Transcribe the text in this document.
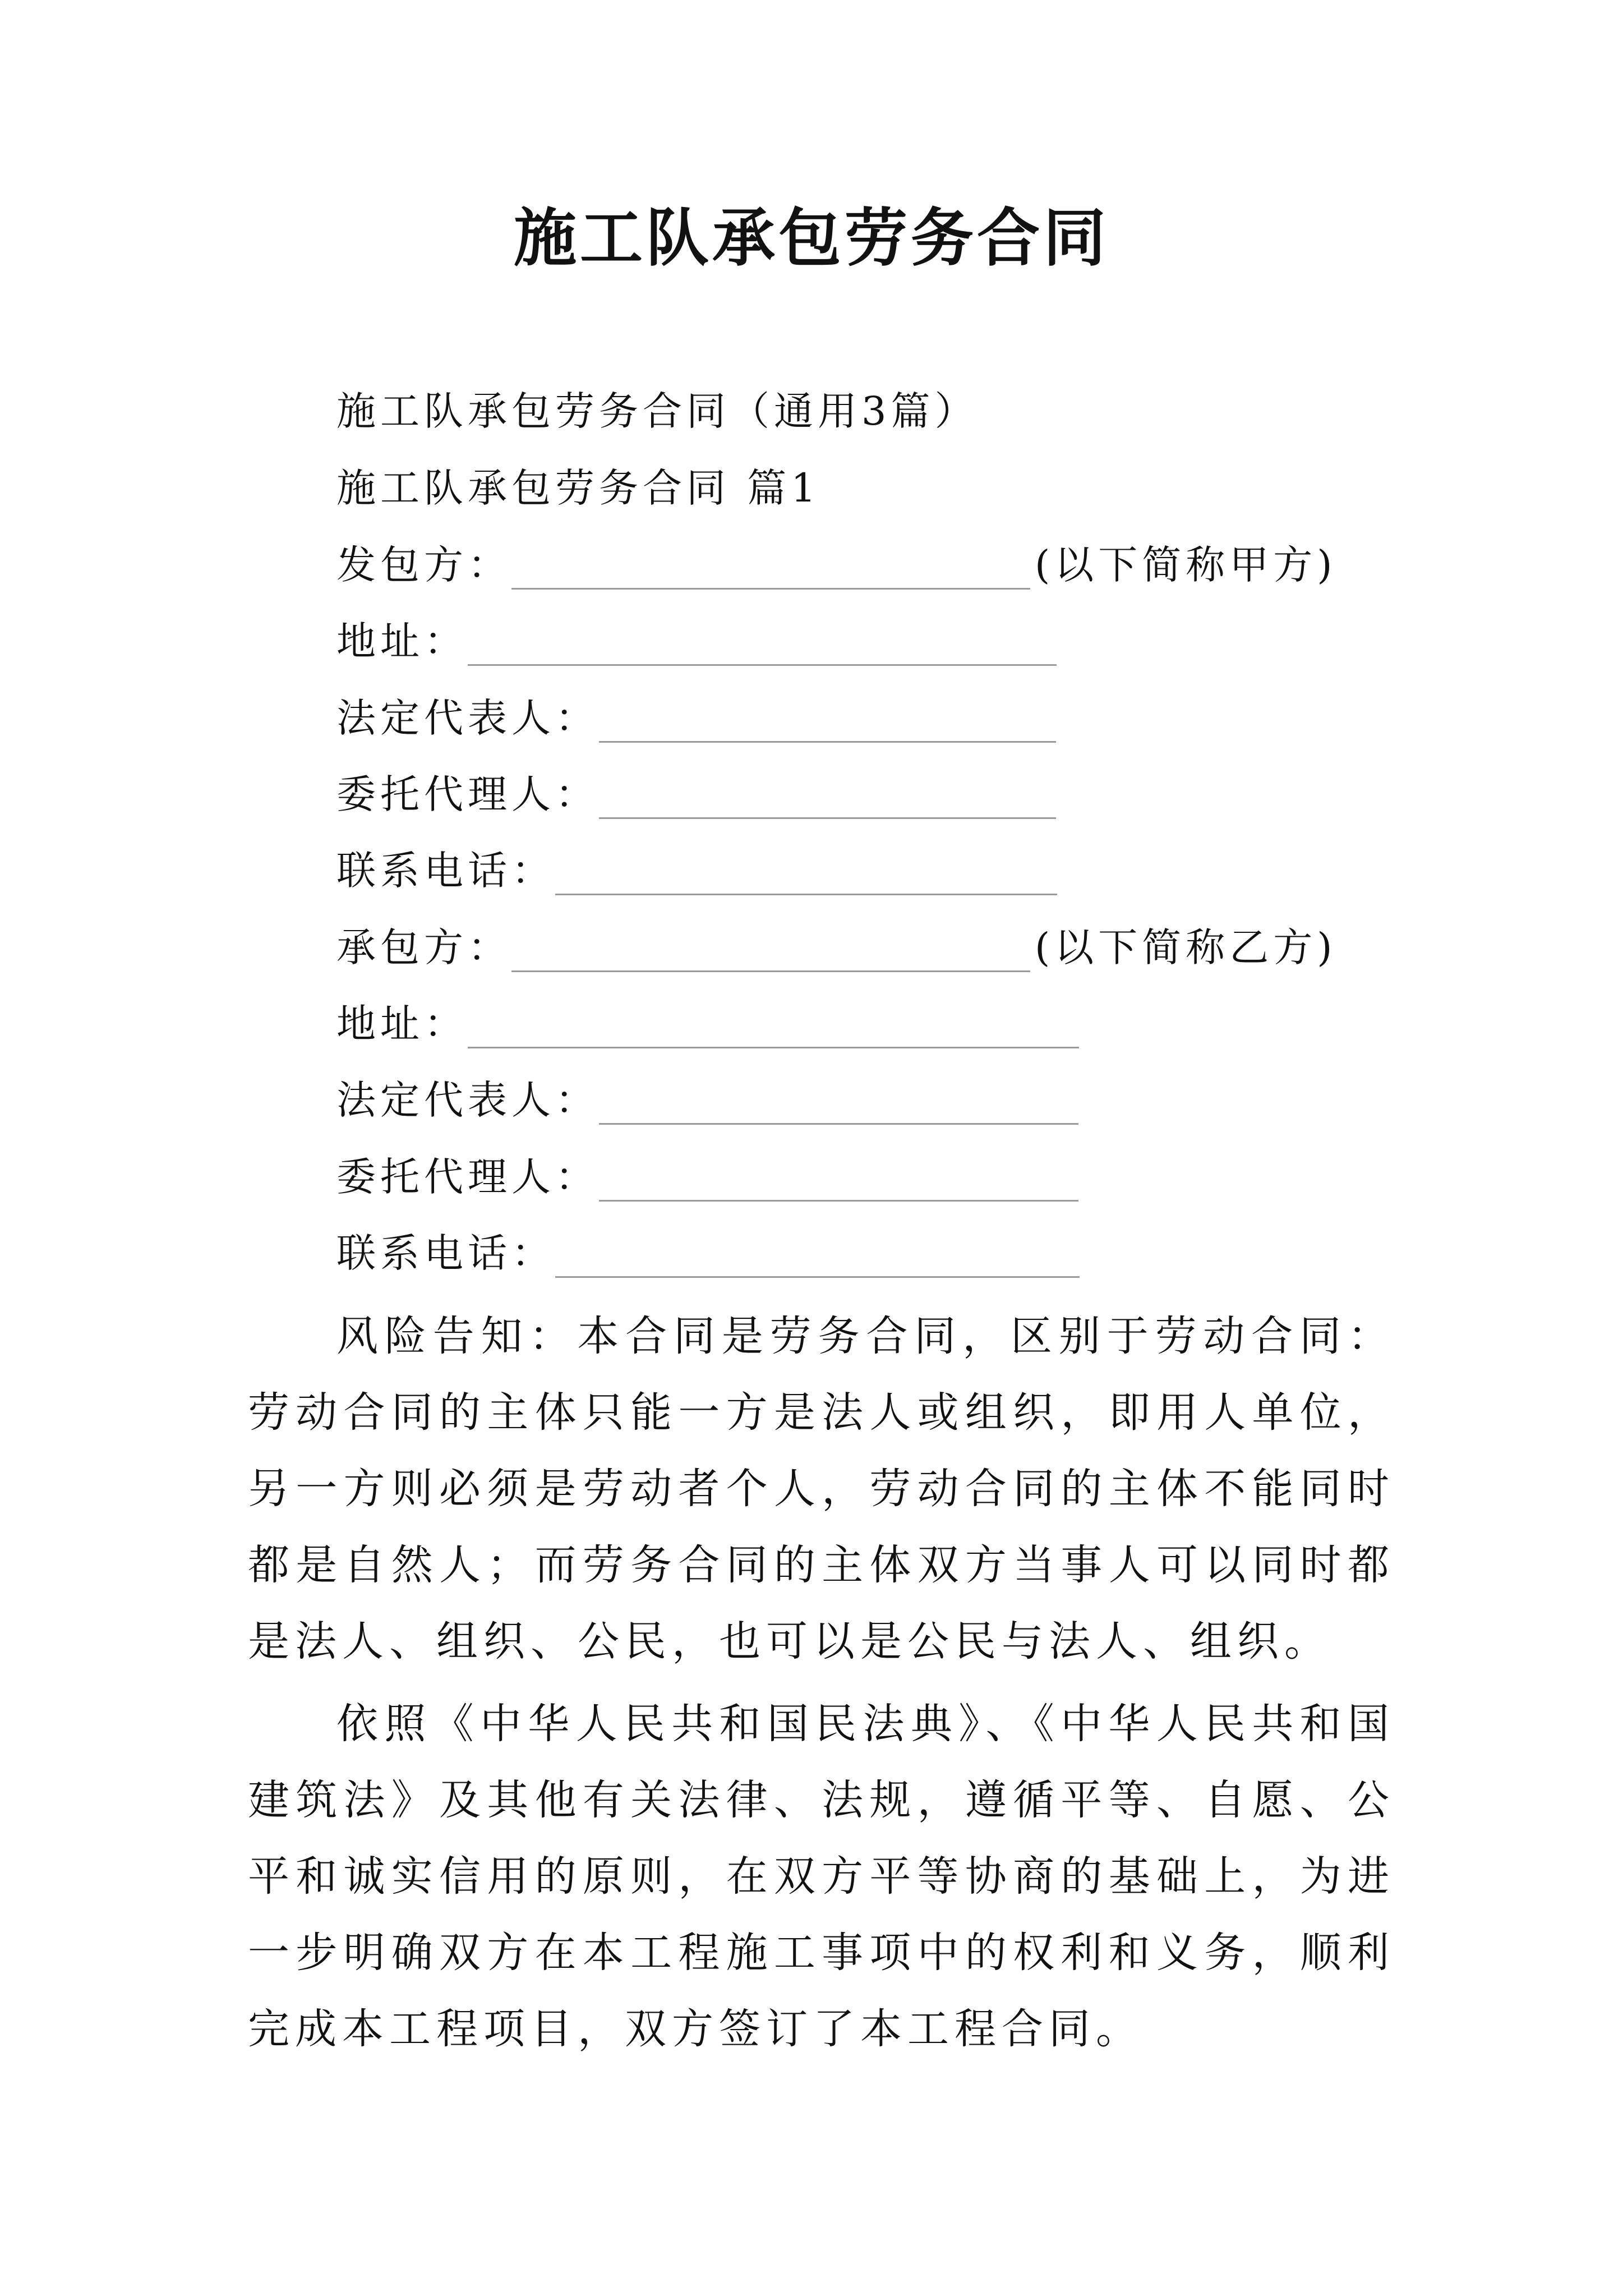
施工队承包劳务合同
施工队承包劳务合同（通用3篇）
施工队承包劳务合同 篇1
发包方：	(以下简称甲方)
地址：
法定代表人：
委托代理人：
联系电话：
承包方：	(以下简称乙方)
地址：
法定代表人：
委托代理人：
联系电话：

风险告知：本合同是劳务合同，区别于劳动合同：劳动合同的主体只能一方是法人或组织，即用人单位，另一方则必须是劳动者个人，劳动合同的主体不能同时都是自然人；而劳务合同的主体双方当事人可以同时都是法人、组织、公民，也可以是公民与法人、组织。

依照《中华人民共和国民法典》、《中华人民共和国建筑法》及其他有关法律、法规，遵循平等、自愿、公平和诚实信用的原则，在双方平等协商的基础上，为进一步明确双方在本工程施工事项中的权利和义务，顺利完成本工程项目，双方签订了本工程合同。
